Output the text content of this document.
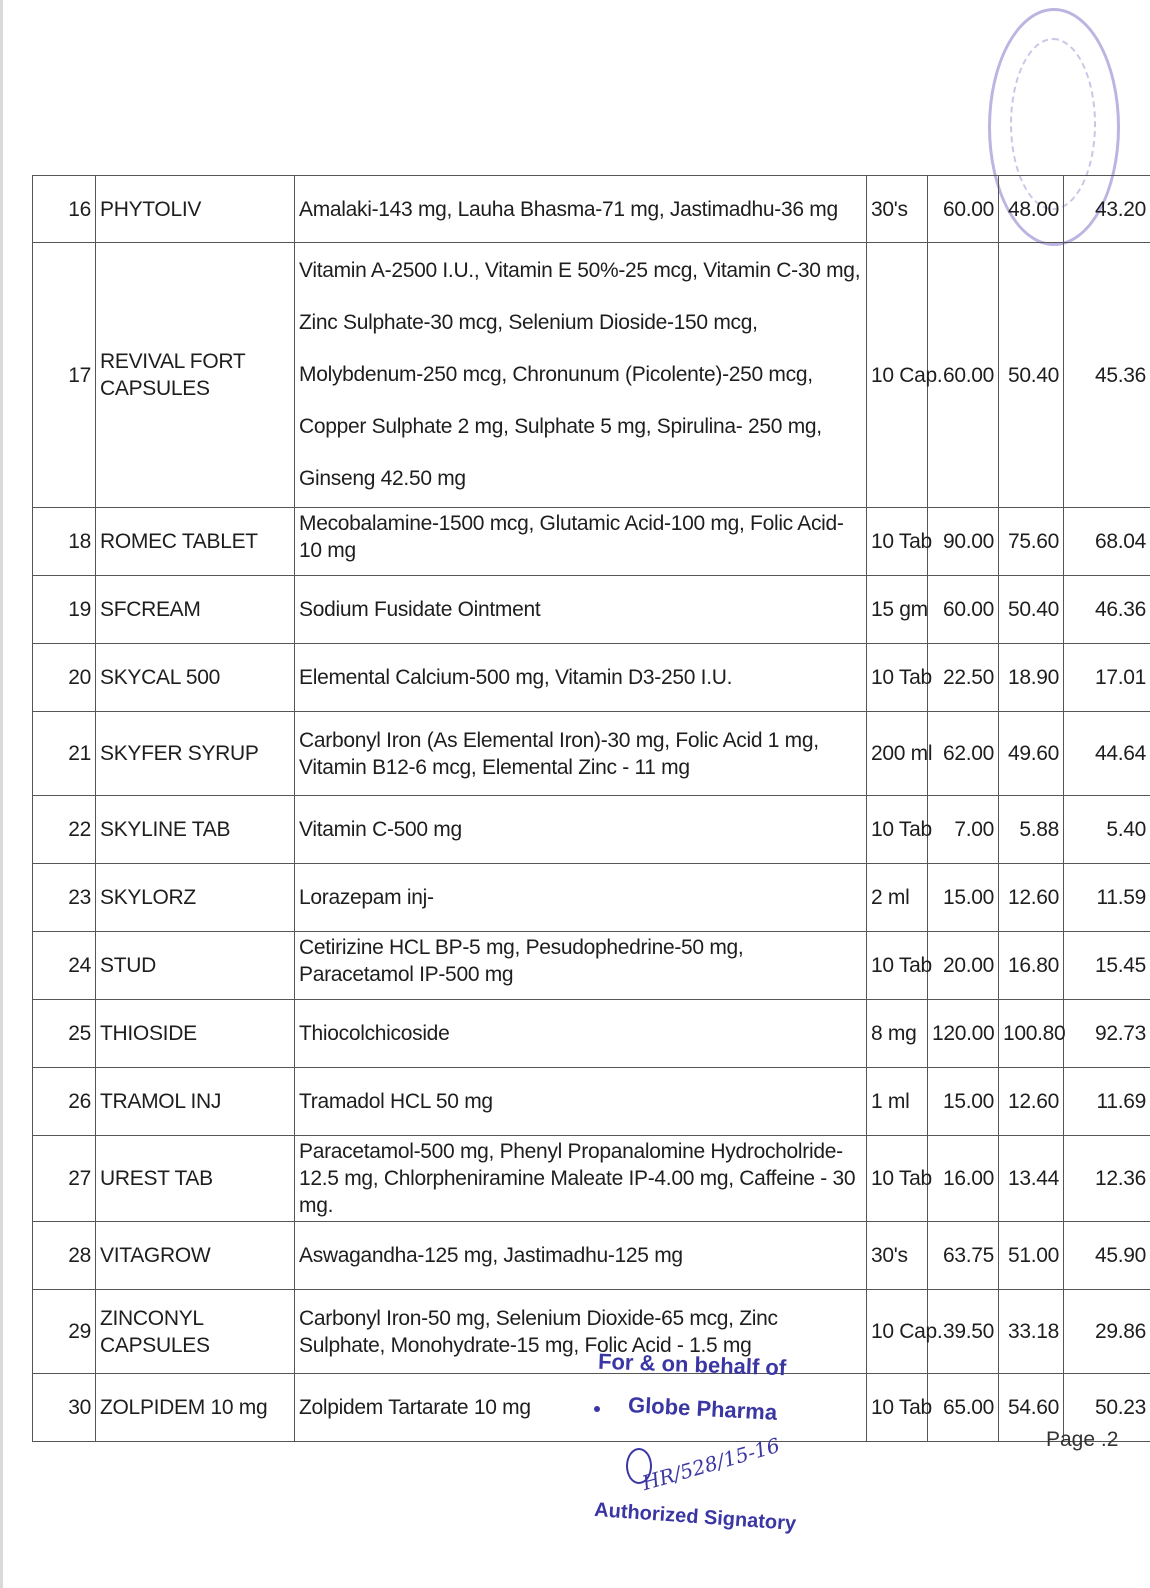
16	PHYTOLIV	Amalaki-143 mg, Lauha Bhasma-71 mg, Jastimadhu-36 mg	30's	60.00	48.00	43.20
17	REVIVAL FORT CAPSULES	Vitamin A-2500 I.U., Vitamin E 50%-25 mcg, Vitamin C-30 mg, Zinc Sulphate-30 mcg, Selenium Dioside-150 mcg, Molybdenum-250 mcg, Chronunum (Picolente)-250 mcg, Copper Sulphate 2 mg, Sulphate 5 mg, Spirulina- 250 mg, Ginseng 42.50 mg	10 Cap.	60.00	50.40	45.36
18	ROMEC TABLET	Mecobalamine-1500 mcg, Glutamic Acid-100 mg, Folic Acid-10 mg	10 Tab	90.00	75.60	68.04
19	SFCREAM	Sodium Fusidate Ointment	15 gm	60.00	50.40	46.36
20	SKYCAL 500	Elemental Calcium-500 mg, Vitamin D3-250 I.U.	10 Tab	22.50	18.90	17.01
21	SKYFER SYRUP	Carbonyl Iron (As Elemental Iron)-30 mg, Folic Acid 1 mg, Vitamin B12-6 mcg, Elemental Zinc - 11 mg	200 ml	62.00	49.60	44.64
22	SKYLINE TAB	Vitamin C-500 mg	10 Tab	7.00	5.88	5.40
23	SKYLORZ	Lorazepam inj-	2 ml	15.00	12.60	11.59
24	STUD	Cetirizine HCL BP-5 mg, Pesudophedrine-50 mg, Paracetamol IP-500 mg	10 Tab	20.00	16.80	15.45
25	THIOSIDE	Thiocolchicoside	8 mg	120.00	100.80	92.73
26	TRAMOL INJ	Tramadol HCL 50 mg	1 ml	15.00	12.60	11.69
27	UREST TAB	Paracetamol-500 mg, Phenyl Propanalomine Hydrocholride-12.5 mg, Chlorpheniramine Maleate IP-4.00 mg, Caffeine - 30 mg.	10 Tab	16.00	13.44	12.36
28	VITAGROW	Aswagandha-125 mg, Jastimadhu-125 mg	30's	63.75	51.00	45.90
29	ZINCONYL CAPSULES	Carbonyl Iron-50 mg, Selenium Dioxide-65 mcg, Zinc Sulphate, Monohydrate-15 mg, Folic Acid - 1.5 mg	10 Cap.	39.50	33.18	29.86
30	ZOLPIDEM 10 mg	Zolpidem Tartarate 10 mg	10 Tab	65.00	54.60	50.23
For & on behalf of
Globe Pharma
HR/528/15-16
Authorized Signatory
Page .2
